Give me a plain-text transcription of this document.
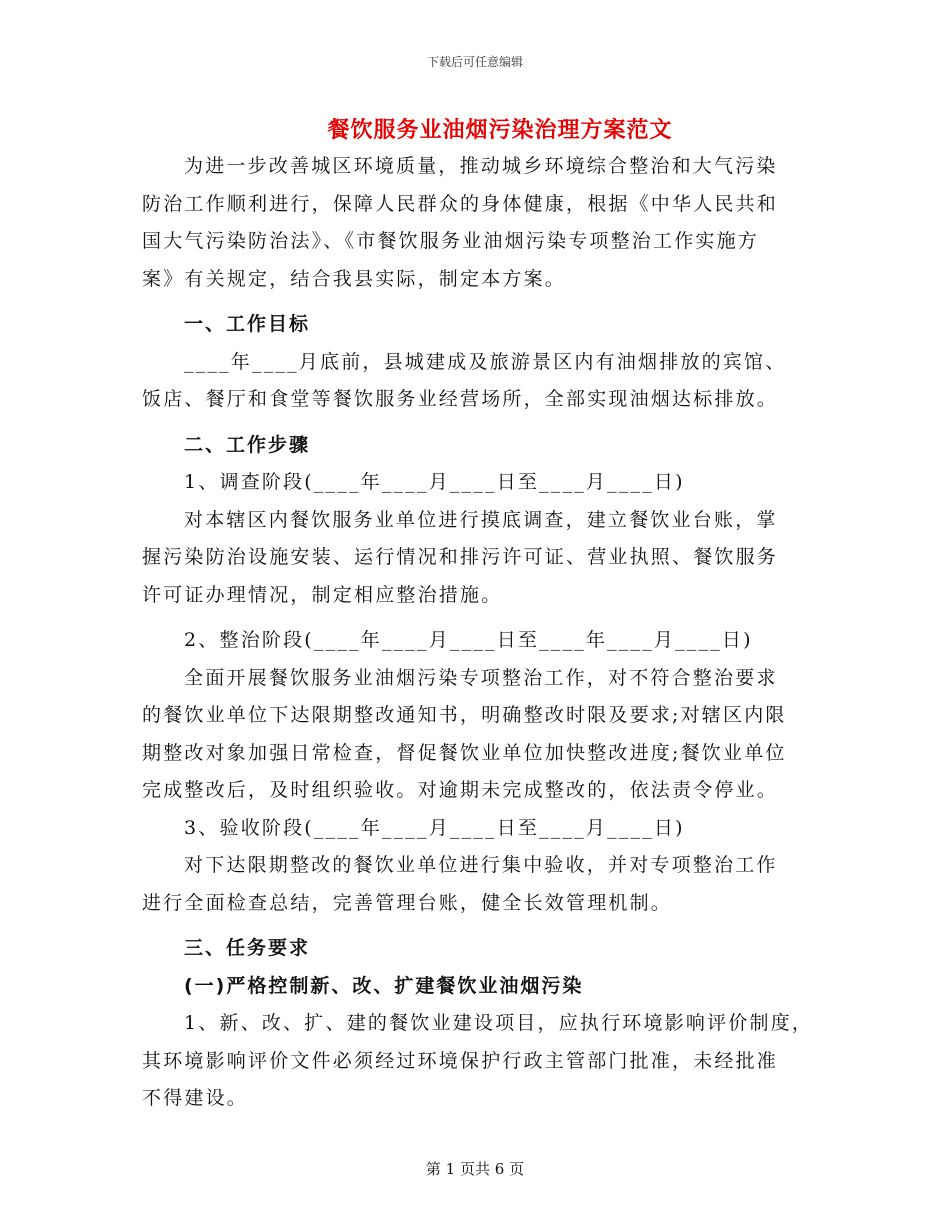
下载后可任意编辑
餐饮服务业油烟污染治理方案范文
为进一步改善城区环境质量，推动城乡环境综合整治和大气污染
防治工作顺利进行，保障人民群众的身体健康，根据《中华人民共和
国大气污染防治法》、《市餐饮服务业油烟污染专项整治工作实施方
案》有关规定，结合我县实际，制定本方案。
一、工作目标
____年____月底前，县城建成及旅游景区内有油烟排放的宾馆、
饭店、餐厅和食堂等餐饮服务业经营场所，全部实现油烟达标排放。
二、工作步骤
1、调查阶段(____年____月____日至____月____日)
对本辖区内餐饮服务业单位进行摸底调查，建立餐饮业台账，掌
握污染防治设施安装、运行情况和排污许可证、营业执照、餐饮服务
许可证办理情况，制定相应整治措施。
2、整治阶段(____年____月____日至____年____月____日)
全面开展餐饮服务业油烟污染专项整治工作，对不符合整治要求
的餐饮业单位下达限期整改通知书，明确整改时限及要求;对辖区内限
期整改对象加强日常检查，督促餐饮业单位加快整改进度;餐饮业单位
完成整改后，及时组织验收。对逾期未完成整改的，依法责令停业。
3、验收阶段(____年____月____日至____月____日)
对下达限期整改的餐饮业单位进行集中验收，并对专项整治工作
进行全面检查总结，完善管理台账，健全长效管理机制。
三、任务要求
(一)严格控制新、改、扩建餐饮业油烟污染
1、新、改、扩、建的餐饮业建设项目，应执行环境影响评价制度，
其环境影响评价文件必须经过环境保护行政主管部门批准，未经批准
不得建设。
第 1 页共 6 页
